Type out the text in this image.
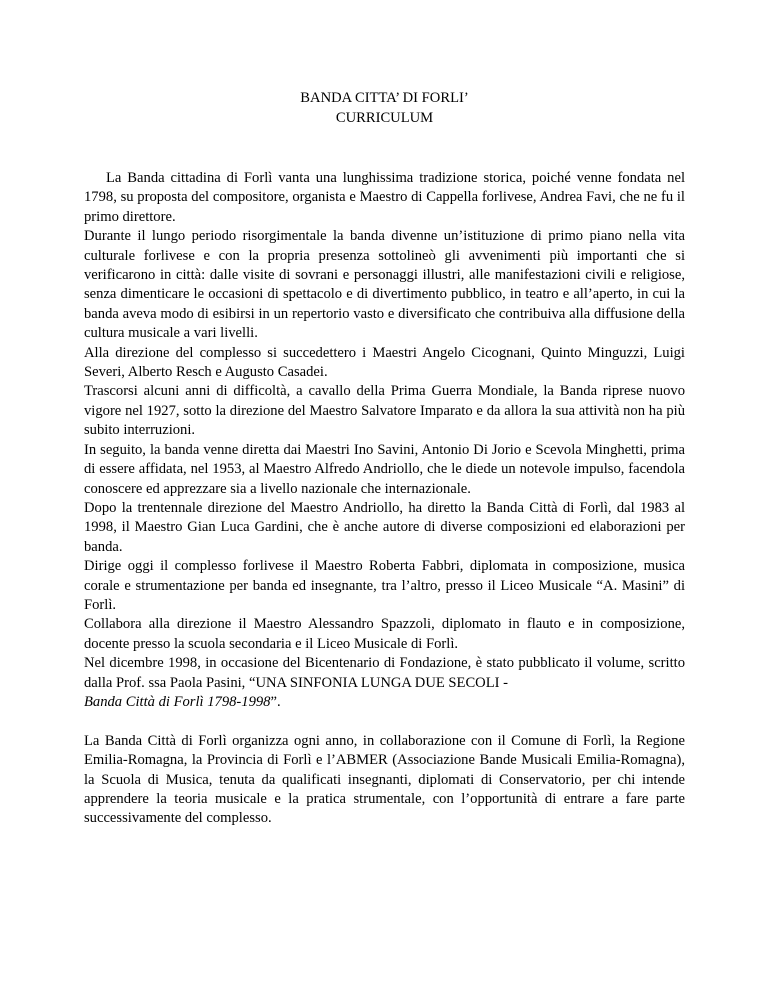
BANDA CITTA’ DI FORLI’

CURRICULUM

La Banda cittadina di Forlì vanta una lunghissima tradizione storica, poiché venne fondata nel 1798, su proposta del compositore, organista e Maestro di Cappella forlivese, Andrea Favi, che ne fu il primo direttore.

Durante il lungo periodo risorgimentale la banda divenne un’istituzione di primo piano nella vita culturale forlivese e con la propria presenza sottolineò gli avvenimenti più importanti che si verificarono in città: dalle visite di sovrani e personaggi illustri, alle manifestazioni civili e religiose, senza dimenticare le occasioni di spettacolo e di divertimento pubblico, in teatro e all’aperto, in cui la banda aveva modo di esibirsi in un repertorio vasto e diversificato che contribuiva alla diffusione della cultura musicale a vari livelli.

Alla direzione del complesso si succedettero i Maestri Angelo Cicognani, Quinto Minguzzi, Luigi Severi, Alberto Resch e Augusto Casadei.

Trascorsi alcuni anni di difficoltà, a cavallo della Prima Guerra Mondiale, la Banda riprese nuovo vigore nel 1927, sotto la direzione del Maestro Salvatore Imparato e da allora la sua attività non ha più subito interruzioni.

In seguito, la banda venne diretta dai Maestri Ino Savini, Antonio Di Jorio e Scevola Minghetti, prima di essere affidata, nel 1953, al Maestro Alfredo Andriollo, che le diede un notevole impulso, facendola conoscere ed apprezzare sia a livello nazionale che internazionale.

Dopo la trentennale direzione del Maestro Andriollo, ha diretto la Banda Città di Forlì, dal 1983 al 1998, il Maestro Gian Luca Gardini, che è anche autore di diverse composizioni ed elaborazioni per banda.

Dirige oggi il complesso forlivese il Maestro Roberta Fabbri, diplomata in composizione, musica corale e strumentazione per banda ed insegnante, tra l’altro, presso il Liceo Musicale “A. Masini” di Forlì.

Collabora alla direzione il Maestro Alessandro Spazzoli, diplomato in flauto e in composizione, docente presso la scuola secondaria e il Liceo Musicale di Forlì.

Nel dicembre 1998, in occasione del Bicentenario di Fondazione, è stato pubblicato il volume, scritto dalla Prof. ssa Paola Pasini, “UNA SINFONIA LUNGA DUE SECOLI -
Banda Città di Forlì 1798-1998”.

La Banda Città di Forlì organizza ogni anno, in collaborazione con il Comune di Forlì, la Regione Emilia-Romagna, la Provincia di Forlì e l’ABMER (Associazione Bande Musicali Emilia-Romagna), la Scuola di Musica, tenuta da qualificati insegnanti, diplomati di Conservatorio, per chi intende apprendere la teoria musicale e la pratica strumentale, con l’opportunità di entrare a fare parte successivamente del complesso.
